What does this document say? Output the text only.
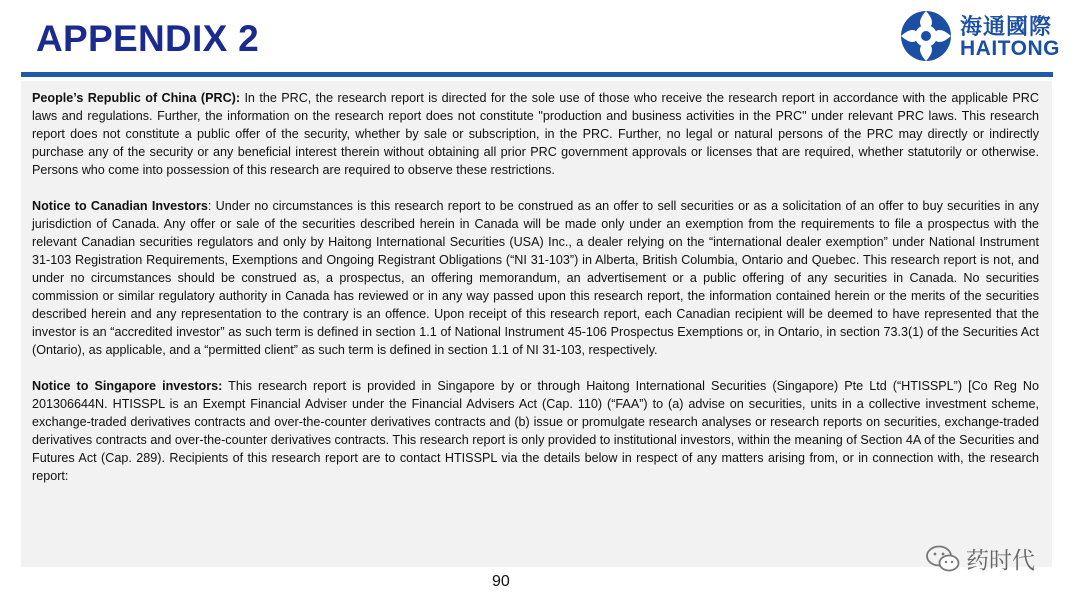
APPENDIX 2	海通國際
HAITONG

People’s Republic of China (PRC): In the PRC, the research report is directed for the sole use of those who receive the research report in accordance with the applicable PRC laws and regulations. Further, the information on the research report does not constitute "production and business activities in the PRC" under relevant PRC laws. This research report does not constitute a public offer of the security, whether by sale or subscription, in the PRC. Further, no legal or natural persons of the PRC may directly or indirectly purchase any of the security or any beneficial interest therein without obtaining all prior PRC government approvals or licenses that are required, whether statutorily or otherwise. Persons who come into possession of this research are required to observe these restrictions.

Notice to Canadian Investors: Under no circumstances is this research report to be construed as an offer to sell securities or as a solicitation of an offer to buy securities in any jurisdiction of Canada. Any offer or sale of the securities described herein in Canada will be made only under an exemption from the requirements to file a prospectus with the relevant Canadian securities regulators and only by Haitong International Securities (USA) Inc., a dealer relying on the “international dealer exemption” under National Instrument 31-103 Registration Requirements, Exemptions and Ongoing Registrant Obligations (“NI 31-103”) in Alberta, British Columbia, Ontario and Quebec. This research report is not, and under no circumstances should be construed as, a prospectus, an offering memorandum, an advertisement or a public offering of any securities in Canada. No securities commission or similar regulatory authority in Canada has reviewed or in any way passed upon this research report, the information contained herein or the merits of the securities described herein and any representation to the contrary is an offence. Upon receipt of this research report, each Canadian recipient will be deemed to have represented that the investor is an “accredited investor” as such term is defined in section 1.1 of National Instrument 45-106 Prospectus Exemptions or, in Ontario, in section 73.3(1) of the Securities Act (Ontario), as applicable, and a “permitted client” as such term is defined in section 1.1 of NI 31-103, respectively.

Notice to Singapore investors: This research report is provided in Singapore by or through Haitong International Securities (Singapore) Pte Ltd (“HTISSPL”) [Co Reg No 201306644N. HTISSPL is an Exempt Financial Adviser under the Financial Advisers Act (Cap. 110) (“FAA”) to (a) advise on securities, units in a collective investment scheme, exchange-traded derivatives contracts and over-the-counter derivatives contracts and (b) issue or promulgate research analyses or research reports on securities, exchange-traded derivatives contracts and over-the-counter derivatives contracts. This research report is only provided to institutional investors, within the meaning of Section 4A of the Securities and Futures Act (Cap. 289). Recipients of this research report are to contact HTISSPL via the details below in respect of any matters arising from, or in connection with, the research report:

90
药时代
